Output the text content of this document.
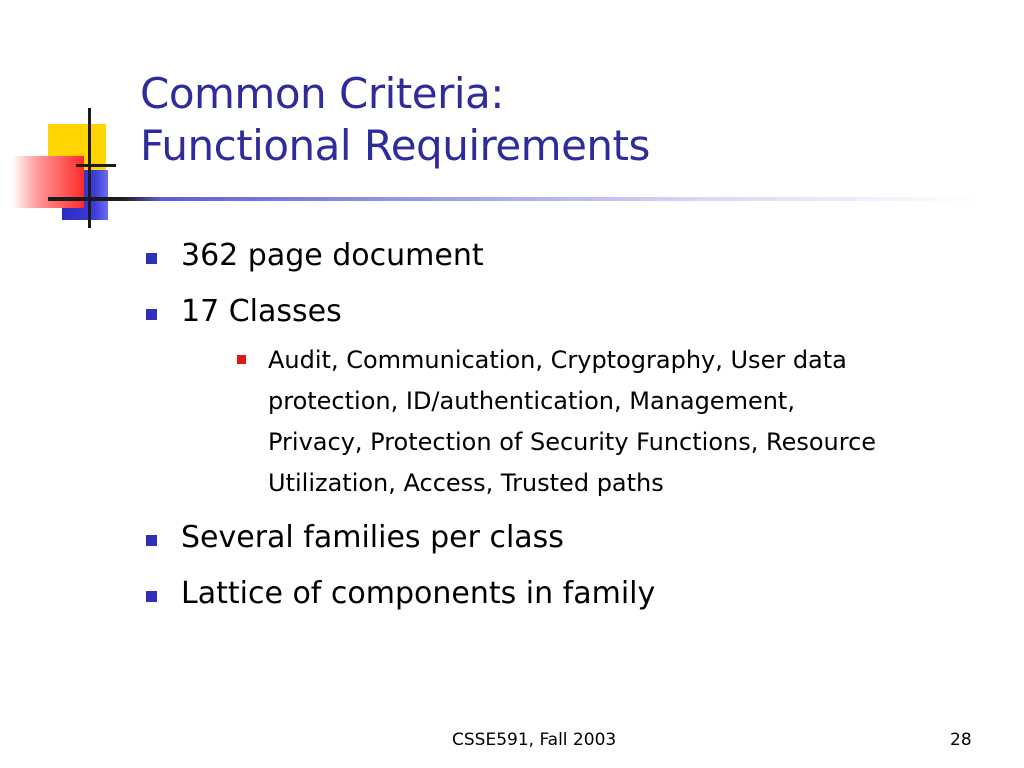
Common Criteria:
Functional Requirements
362 page document
17 Classes
Audit, Communication, Cryptography, User data
protection, ID/authentication, Management,
Privacy, Protection of Security Functions, Resource
Utilization, Access, Trusted paths
Several families per class
Lattice of components in family
CSSE591, Fall 2003	28
